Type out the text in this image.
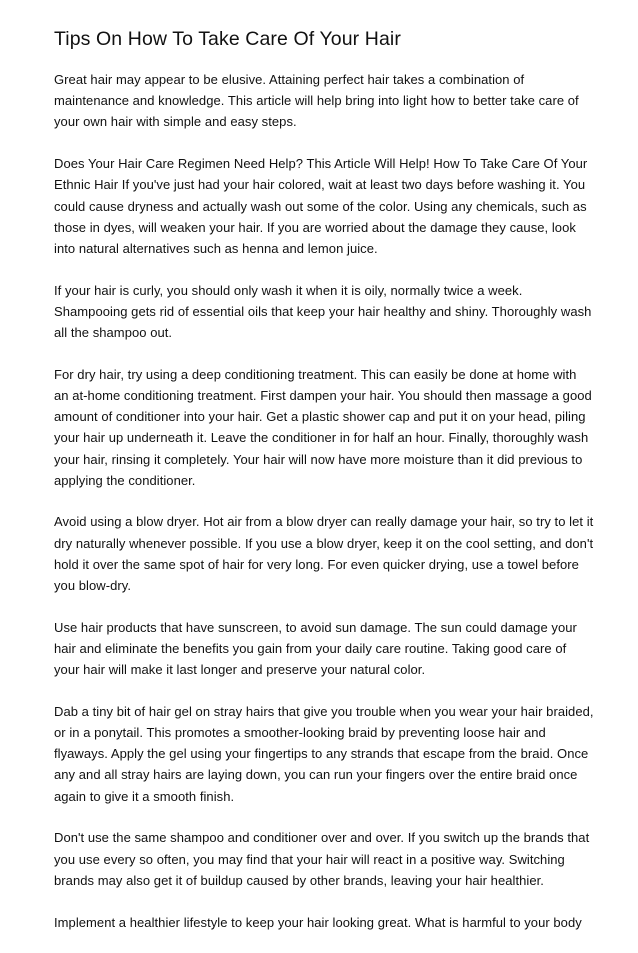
Tips On How To Take Care Of Your Hair

Great hair may appear to be elusive. Attaining perfect hair takes a combination of
maintenance and knowledge. This article will help bring into light how to better take care of
your own hair with simple and easy steps.

Does Your Hair Care Regimen Need Help? This Article Will Help! How To Take Care Of Your
Ethnic Hair If you've just had your hair colored, wait at least two days before washing it. You
could cause dryness and actually wash out some of the color. Using any chemicals, such as
those in dyes, will weaken your hair. If you are worried about the damage they cause, look
into natural alternatives such as henna and lemon juice.

If your hair is curly, you should only wash it when it is oily, normally twice a week.
Shampooing gets rid of essential oils that keep your hair healthy and shiny. Thoroughly wash
all the shampoo out.

For dry hair, try using a deep conditioning treatment. This can easily be done at home with
an at-home conditioning treatment. First dampen your hair. You should then massage a good
amount of conditioner into your hair. Get a plastic shower cap and put it on your head, piling
your hair up underneath it. Leave the conditioner in for half an hour. Finally, thoroughly wash
your hair, rinsing it completely. Your hair will now have more moisture than it did previous to
applying the conditioner.

Avoid using a blow dryer. Hot air from a blow dryer can really damage your hair, so try to let it
dry naturally whenever possible. If you use a blow dryer, keep it on the cool setting, and don't
hold it over the same spot of hair for very long. For even quicker drying, use a towel before
you blow-dry.

Use hair products that have sunscreen, to avoid sun damage. The sun could damage your
hair and eliminate the benefits you gain from your daily care routine. Taking good care of
your hair will make it last longer and preserve your natural color.

Dab a tiny bit of hair gel on stray hairs that give you trouble when you wear your hair braided,
or in a ponytail. This promotes a smoother-looking braid by preventing loose hair and
flyaways. Apply the gel using your fingertips to any strands that escape from the braid. Once
any and all stray hairs are laying down, you can run your fingers over the entire braid once
again to give it a smooth finish.

Don't use the same shampoo and conditioner over and over. If you switch up the brands that
you use every so often, you may find that your hair will react in a positive way. Switching
brands may also get it of buildup caused by other brands, leaving your hair healthier.

Implement a healthier lifestyle to keep your hair looking great. What is harmful to your body
